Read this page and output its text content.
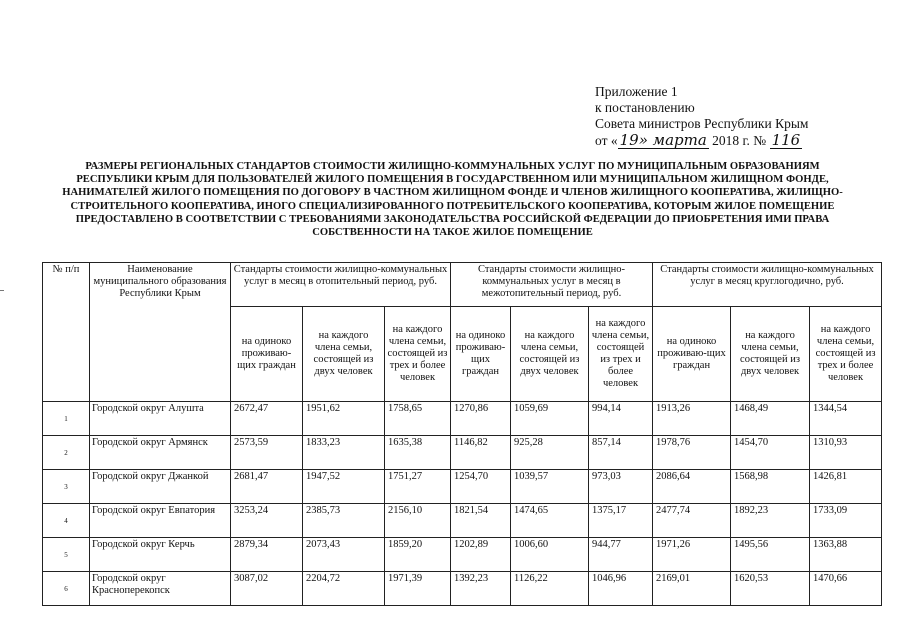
Приложение 1
к постановлению
Совета министров Республики Крым
от « 19» марта 2018 г. № 116
РАЗМЕРЫ РЕГИОНАЛЬНЫХ СТАНДАРТОВ СТОИМОСТИ ЖИЛИЩНО-КОММУНАЛЬНЫХ УСЛУГ ПО МУНИЦИПАЛЬНЫМ ОБРАЗОВАНИЯМ РЕСПУБЛИКИ КРЫМ ДЛЯ ПОЛЬЗОВАТЕЛЕЙ ЖИЛОГО ПОМЕЩЕНИЯ В ГОСУДАРСТВЕННОМ ИЛИ МУНИЦИПАЛЬНОМ ЖИЛИЩНОМ ФОНДЕ, НАНИМАТЕЛЕЙ ЖИЛОГО ПОМЕЩЕНИЯ ПО ДОГОВОРУ В ЧАСТНОМ ЖИЛИЩНОМ ФОНДЕ И ЧЛЕНОВ ЖИЛИЩНОГО КООПЕРАТИВА, ЖИЛИЩНО-СТРОИТЕЛЬНОГО КООПЕРАТИВА, ИНОГО СПЕЦИАЛИЗИРОВАННОГО ПОТРЕБИТЕЛЬСКОГО КООПЕРАТИВА, КОТОРЫМ ЖИЛОЕ ПОМЕЩЕНИЕ ПРЕДОСТАВЛЕНО В СООТВЕТСТВИИ С ТРЕБОВАНИЯМИ ЗАКОНОДАТЕЛЬСТВА РОССИЙСКОЙ ФЕДЕРАЦИИ ДО ПРИОБРЕТЕНИЯ ИМИ ПРАВА СОБСТВЕННОСТИ НА ТАКОЕ ЖИЛОЕ ПОМЕЩЕНИЕ
№ п/п	Наименование муниципального образования Республики Крым	Стандарты стоимости жилищно-коммунальных услуг в месяц в отопительный период, руб.			Стандарты стоимости жилищно-коммунальных услуг в месяц в межотопительный период, руб.			Стандарты стоимости жилищно-коммунальных услуг в месяц круглогодично, руб.		
		на одиноко проживаю-щих граждан	на каждого члена семьи, состоящей из двух человек	на каждого члена семьи, состоящей из трех и более человек	на одиноко проживаю-щих граждан	на каждого члена семьи, состоящей из двух человек	на каждого члена семьи, состоящей из трех и более человек	на одиноко проживаю-щих граждан	на каждого члена семьи, состоящей из двух человек	на каждого члена семьи, состоящей из трех и более человек
1	Городской округ Алушта	2672,47	1951,62	1758,65	1270,86	1059,69	994,14	1913,26	1468,49	1344,54
2	Городской округ Армянск	2573,59	1833,23	1635,38	1146,82	925,28	857,14	1978,76	1454,70	1310,93
3	Городской округ Джанкой	2681,47	1947,52	1751,27	1254,70	1039,57	973,03	2086,64	1568,98	1426,81
4	Городской округ Евпатория	3253,24	2385,73	2156,10	1821,54	1474,65	1375,17	2477,74	1892,23	1733,09
5	Городской округ Керчь	2879,34	2073,43	1859,20	1202,89	1006,60	944,77	1971,26	1495,56	1363,88
6	Городской округ Красноперекопск	3087,02	2204,72	1971,39	1392,23	1126,22	1046,96	2169,01	1620,53	1470,66
